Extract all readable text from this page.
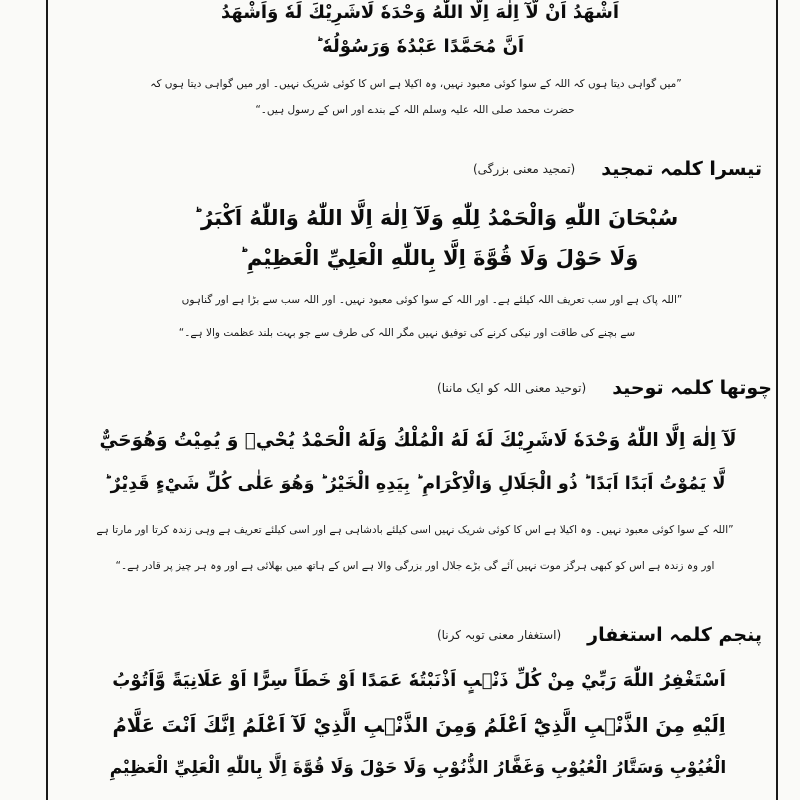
اَشْهَدُ اَنْ لَّآ اِلٰهَ اِلَّا اللّٰهُ وَحْدَهٗ لَاشَرِيْكَ لَهٗ وَاَشْهَدُ
اَنَّ مُحَمَّدًا عَبْدُهٗ وَرَسُوْلُهٗ ؕ
”میں گواہی دیتا ہوں کہ اللہ کے سوا کوئی معبود نہیں، وہ اکیلا ہے اس کا کوئی شریک نہیں۔ اور میں گواہی دیتا ہوں کہ
حضرت محمد صلی اللہ علیہ وسلم اللہ کے بندے اور اس کے رسول ہیں۔“
تیسرا کلمہ تمجید
(تمجید معنی بزرگی)
سُبْحَانَ اللّٰهِ وَالْحَمْدُ لِلّٰهِ وَلَآ اِلٰهَ اِلَّا اللّٰهُ وَاللّٰهُ اَكْبَرُ ؕ
وَلَا حَوْلَ وَلَا قُوَّةَ اِلَّا بِاللّٰهِ الْعَلِيِّ الْعَظِيْمِ ؕ
”اللہ پاک ہے اور سب تعریف اللہ کیلئے ہے۔ اور اللہ کے سوا کوئی معبود نہیں۔ اور اللہ سب سے بڑا ہے اور گناہوں
سے بچنے کی طاقت اور نیکی کرنے کی توفیق نہیں مگر اللہ کی طرف سے جو بہت بلند عظمت والا ہے۔“
چوتھا کلمہ توحید
(توحید معنی اللہ کو ایک ماننا)
لَآ اِلٰهَ اِلَّا اللّٰهُ وَحْدَهٗ لَاشَرِيْكَ لَهٗ لَهُ الْمُلْكُ وَلَهُ الْحَمْدُ يُحْيٖ وَ يُمِيْتُ وَهُوَحَيٌّ
لَّا يَمُوْتُ اَبَدًا اَبَدًا ؕ ذُو الْجَلَالِ وَالْاِكْرَامِ ؕ بِيَدِهِ الْخَيْرُ ؕ وَهُوَ عَلٰى كُلِّ شَيْءٍ قَدِيْرٌ ؕ
”اللہ کے سوا کوئی معبود نہیں۔ وہ اکیلا ہے اس کا کوئی شریک نہیں اسی کیلئے بادشاہی ہے اور اسی کیلئے تعریف ہے وہی زندہ کرتا اور مارتا ہے
اور وہ زندہ ہے اس کو کبھی ہرگز موت نہیں آئے گی بڑے جلال اور بزرگی والا ہے اس کے ہاتھ میں بھلائی ہے اور وہ ہر چیز پر قادر ہے۔“
پنجم کلمہ استغفار
(استغفار معنی توبہ کرنا)
اَسْتَغْفِرُ اللّٰهَ رَبِّيْ مِنْ كُلِّ ذَنْۢبٍ اَذْنَبْتُهٗ عَمَدًا اَوْ خَطَاً سِرًّا اَوْ عَلَانِيَةً وَّاَتُوْبُ
اِلَيْهِ مِنَ الذَّنْۢبِ الَّذِيْٓ اَعْلَمُ وَمِنَ الذَّنْۢبِ الَّذِيْ لَآ اَعْلَمُ اِنَّكَ اَنْتَ عَلَّامُ
الْغُيُوْبِ وَسَتَّارُ الْعُيُوْبِ وَغَفَّارُ الذُّنُوْبِ وَلَا حَوْلَ وَلَا قُوَّةَ اِلَّا بِاللّٰهِ الْعَلِيِّ الْعَظِيْمِ
